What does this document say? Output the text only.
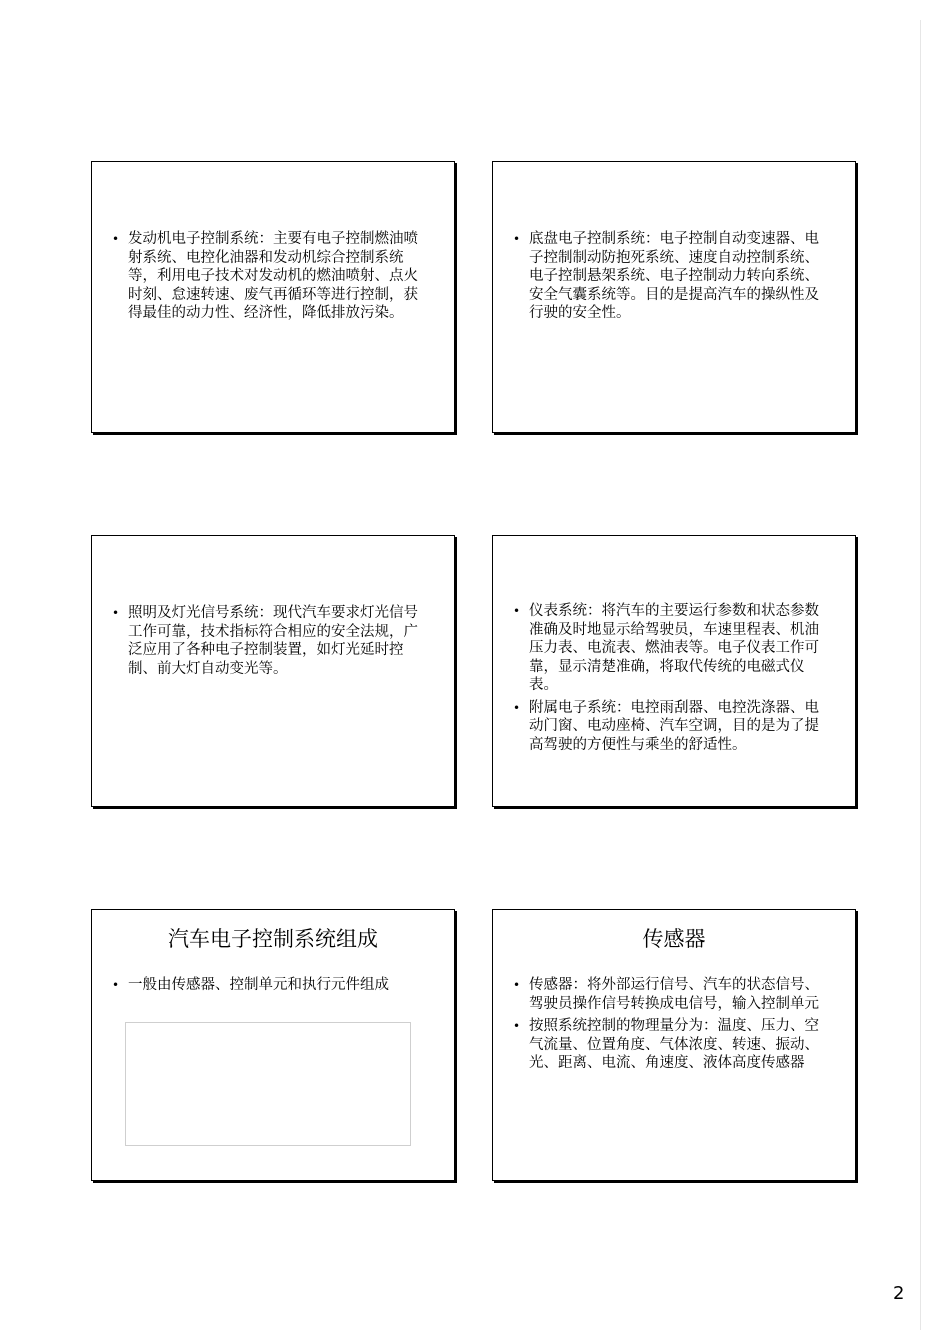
• 发动机电子控制系统：主要有电子控制燃油喷射系统、电控化油器和发动机综合控制系统等，利用电子技术对发动机的燃油喷射、点火时刻、怠速转速、废气再循环等进行控制，获得最佳的动力性、经济性，降低排放污染。
• 底盘电子控制系统：电子控制自动变速器、电子控制制动防抱死系统、速度自动控制系统、电子控制悬架系统、电子控制动力转向系统、安全气囊系统等。目的是提高汽车的操纵性及行驶的安全性。
• 照明及灯光信号系统：现代汽车要求灯光信号工作可靠，技术指标符合相应的安全法规，广泛应用了各种电子控制装置，如灯光延时控制、前大灯自动变光等。
• 仪表系统：将汽车的主要运行参数和状态参数准确及时地显示给驾驶员，车速里程表、机油压力表、电流表、燃油表等。电子仪表工作可靠，显示清楚准确，将取代传统的电磁式仪表。
• 附属电子系统：电控雨刮器、电控洗涤器、电动门窗、电动座椅、汽车空调，目的是为了提高驾驶的方便性与乘坐的舒适性。
汽车电子控制系统组成
• 一般由传感器、控制单元和执行元件组成
传感器
• 传感器：将外部运行信号、汽车的状态信号、驾驶员操作信号转换成电信号，输入控制单元
• 按照系统控制的物理量分为：温度、压力、空气流量、位置角度、气体浓度、转速、振动、光、距离、电流、角速度、液体高度传感器
2
